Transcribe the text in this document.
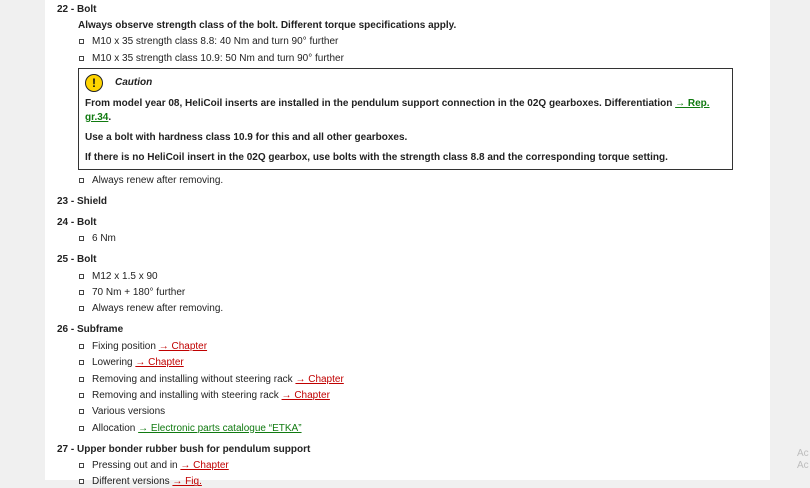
22 - Bolt
Always observe strength class of the bolt. Different torque specifications apply.
M10 x 35 strength class 8.8: 40 Nm and turn 90° further
M10 x 35 strength class 10.9: 50 Nm and turn 90° further
!	Caution

From model year 08, HeliCoil inserts are installed in the pendulum support connection in the 02Q gearboxes. Differentiation → Rep. gr.34.

Use a bolt with hardness class 10.9 for this and all other gearboxes.

If there is no HeliCoil insert in the 02Q gearbox, use bolts with the strength class 8.8 and the corresponding torque setting.

Always renew after removing.
23 - Shield
24 - Bolt
6 Nm
25 - Bolt
M12 x 1.5 x 90
70 Nm + 180° further
Always renew after removing.
26 - Subframe
Fixing position → Chapter
Lowering → Chapter
Removing and installing without steering rack → Chapter
Removing and installing with steering rack → Chapter
Various versions
Allocation → Electronic parts catalogue “ETKA”
27 - Upper bonder rubber bush for pendulum support
Pressing out and in → Chapter
Different versions → Fig.
Ac
Ac
